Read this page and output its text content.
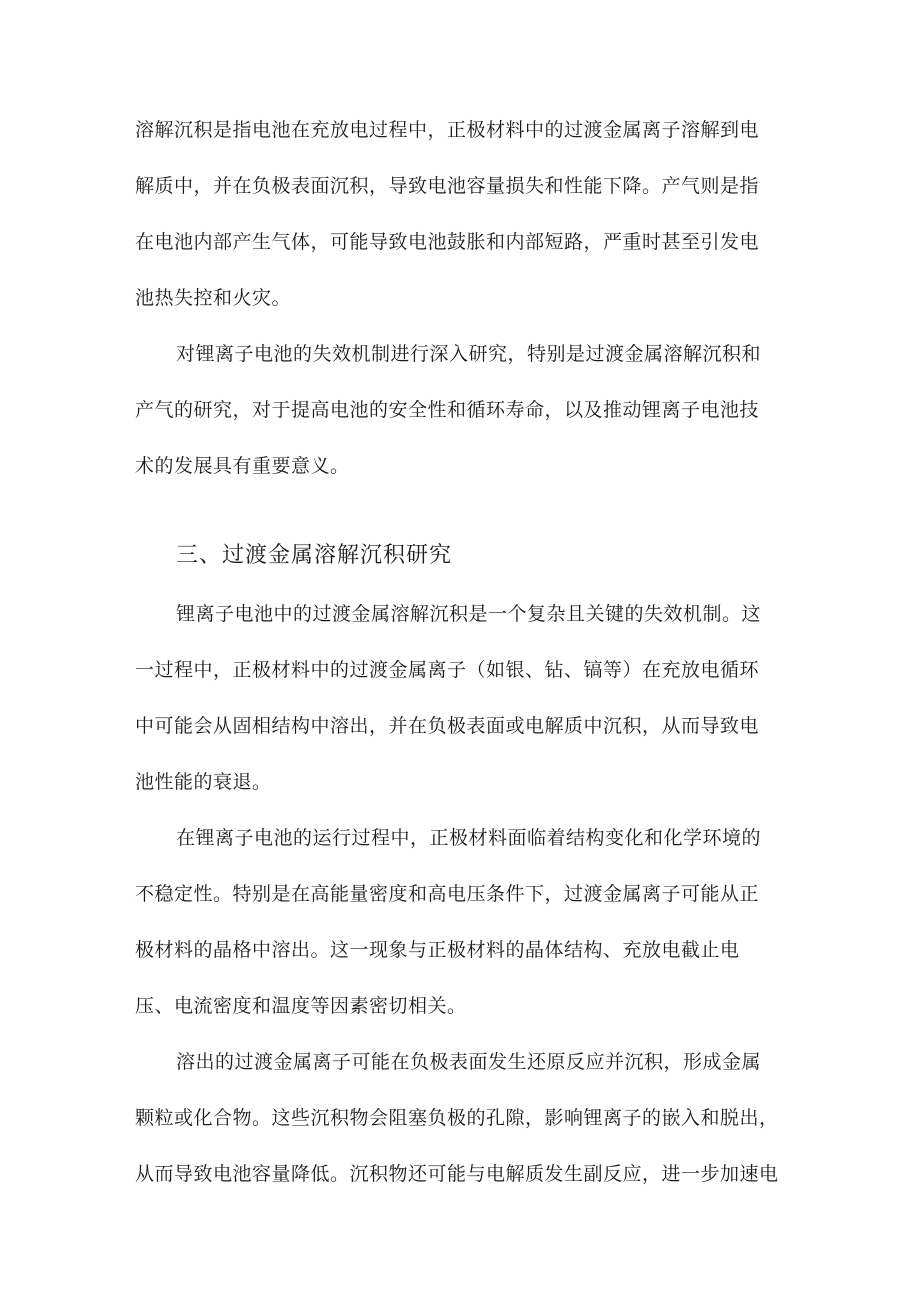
溶解沉积是指电池在充放电过程中，正极材料中的过渡金属离子溶解到电
解质中，并在负极表面沉积，导致电池容量损失和性能下降。产气则是指
在电池内部产生气体，可能导致电池鼓胀和内部短路，严重时甚至引发电
池热失控和火灾。
对锂离子电池的失效机制进行深入研究，特别是过渡金属溶解沉积和
产气的研究，对于提高电池的安全性和循环寿命，以及推动锂离子电池技
术的发展具有重要意义。
三、过渡金属溶解沉积研究
锂离子电池中的过渡金属溶解沉积是一个复杂且关键的失效机制。这
一过程中，正极材料中的过渡金属离子（如银、钻、镐等）在充放电循环
中可能会从固相结构中溶出，并在负极表面或电解质中沉积，从而导致电
池性能的衰退。
在锂离子电池的运行过程中，正极材料面临着结构变化和化学环境的
不稳定性。特别是在高能量密度和高电压条件下，过渡金属离子可能从正
极材料的晶格中溶出。这一现象与正极材料的晶体结构、充放电截止电
压、电流密度和温度等因素密切相关。
溶出的过渡金属离子可能在负极表面发生还原反应并沉积，形成金属
颗粒或化合物。这些沉积物会阻塞负极的孔隙，影响锂离子的嵌入和脱出，
从而导致电池容量降低。沉积物还可能与电解质发生副反应，进一步加速电
